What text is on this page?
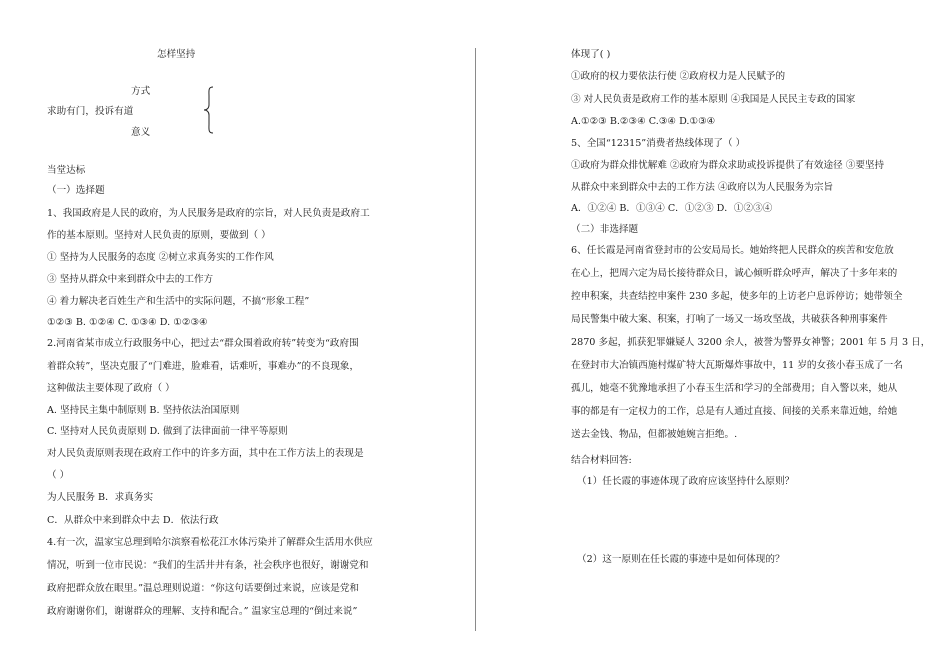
怎样坚持
方式
求助有门，投诉有道
意义
当堂达标
（一）选择题
1、我国政府是人民的政府，为人民服务是政府的宗旨，对人民负责是政府工
作的基本原则。坚持对人民负责的原则，要做到（ ）
① 坚持为人民服务的态度 ②树立求真务实的工作作风
③ 坚持从群众中来到群众中去的工作方
④ 着力解决老百姓生产和生活中的实际问题，不搞“形象工程”
①②③ B. ①②④ C. ①③④ D. ①②③④
2.河南省某市成立行政服务中心，把过去“群众围着政府转”转变为“政府围
着群众转”，坚决克服了“门难进，脸难看，话难听，事难办”的不良现象，
这种做法主要体现了政府（ ）
A. 坚持民主集中制原则 B. 坚持依法治国原则
C. 坚持对人民负责原则 D. 做到了法律面前一律平等原则
对人民负责原则表现在政府工作中的许多方面，其中在工作方法上的表现是
（ ）
为人民服务 B．求真务实
C．从群众中来到群众中去 D．依法行政
4.有一次，温家宝总理到哈尔滨察看松花江水体污染并了解群众生活用水供应
情况，听到一位市民说：“我们的生活井井有条，社会秩序也很好，谢谢党和
政府把群众放在眼里。”温总理则说道：“你这句话要倒过来说，应该是党和
政府谢谢你们，谢谢群众的理解、支持和配合。” 温家宝总理的“倒过来说”
体现了( )
①政府的权力要依法行使 ②政府权力是人民赋予的
③ 对人民负责是政府工作的基本原则 ④我国是人民民主专政的国家
A.①②③ B.②③④ C.③④ D.①③④
5、全国“12315”消费者热线体现了（ ）
①政府为群众排忧解难 ②政府为群众求助或投诉提供了有效途径 ③要坚持
从群众中来到群众中去的工作方法 ④政府以为人民服务为宗旨
A．①②④ B．①③④ C．①②③ D．①②③④
（二）非选择题
6、任长霞是河南省登封市的公安局局长。她始终把人民群众的疾苦和安危放
在心上，把周六定为局长接待群众日，诚心倾听群众呼声，解决了十多年来的
控申积案，共查结控申案件 230 多起，使多年的上访老户息诉停访；她带领全
局民警集中破大案、积案，打响了一场又一场攻坚战，共破获各种刑事案件
2870 多起，抓获犯罪嫌疑人 3200 余人，被誉为警界女神警；2001 年 5 月 3 日，
在登封市大冶镇西施村煤矿特大瓦斯爆炸事故中，11 岁的女孩小春玉成了一名
孤儿，她毫不犹豫地承担了小春玉生活和学习的全部费用；自入警以来，她从
事的都是有一定权力的工作，总是有人通过直接、间接的关系来靠近她，给她
送去金钱、物品，但都被她婉言拒绝。.
结合材料回答:
（1）任长霞的事迹体现了政府应该坚持什么原则？
（2）这一原则在任长霞的事迹中是如何体现的？
